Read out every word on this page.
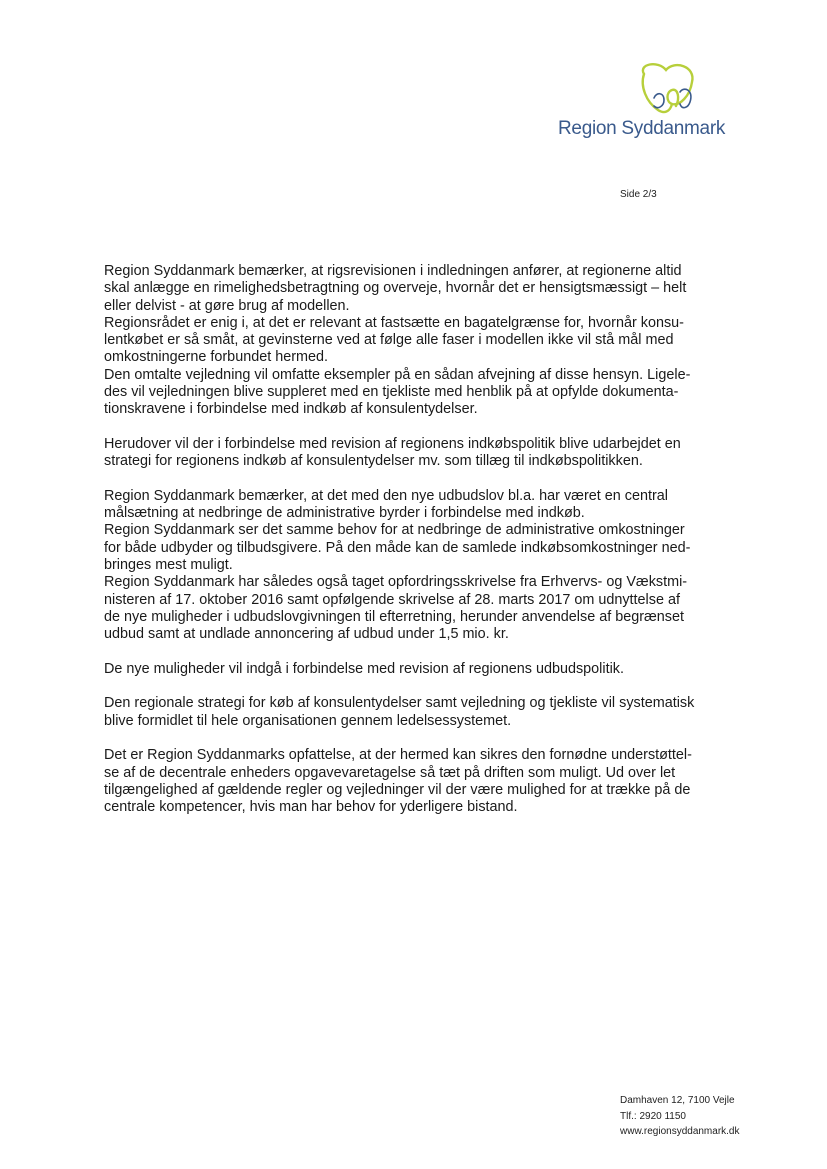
Region Syddanmark
Side 2/3
Region Syddanmark bemærker, at rigsrevisionen i indledningen anfører, at regionerne altid
skal anlægge en rimelighedsbetragtning og overveje, hvornår det er hensigtsmæssigt – helt
eller delvist - at gøre brug af modellen.
Regionsrådet er enig i, at det er relevant at fastsætte en bagatelgrænse for, hvornår konsu-
lentkøbet er så småt, at gevinsterne ved at følge alle faser i modellen ikke vil stå mål med
omkostningerne forbundet hermed.
Den omtalte vejledning vil omfatte eksempler på en sådan afvejning af disse hensyn. Ligele-
des vil vejledningen blive suppleret med en tjekliste med henblik på at opfylde dokumenta-
tionskravene i forbindelse med indkøb af konsulentydelser.
Herudover vil der i forbindelse med revision af regionens indkøbspolitik blive udarbejdet en
strategi for regionens indkøb af konsulentydelser mv. som tillæg til indkøbspolitikken.
Region Syddanmark bemærker, at det med den nye udbudslov bl.a. har været en central
målsætning at nedbringe de administrative byrder i forbindelse med indkøb.
Region Syddanmark ser det samme behov for at nedbringe de administrative omkostninger
for både udbyder og tilbudsgivere. På den måde kan de samlede indkøbsomkostninger ned-
bringes mest muligt.
Region Syddanmark har således også taget opfordringsskrivelse fra Erhvervs- og Vækstmi-
nisteren af 17. oktober 2016 samt opfølgende skrivelse af 28. marts 2017 om udnyttelse af
de nye muligheder i udbudslovgivningen til efterretning, herunder anvendelse af begrænset
udbud samt at undlade annoncering af udbud under 1,5 mio. kr.
De nye muligheder vil indgå i forbindelse med revision af regionens udbudspolitik.
Den regionale strategi for køb af konsulentydelser samt vejledning og tjekliste vil systematisk
blive formidlet til hele organisationen gennem ledelsessystemet.
Det er Region Syddanmarks opfattelse, at der hermed kan sikres den fornødne understøttel-
se af de decentrale enheders opgavevaretagelse så tæt på driften som muligt. Ud over let
tilgængelighed af gældende regler og vejledninger vil der være mulighed for at trække på de
centrale kompetencer, hvis man har behov for yderligere bistand.
Damhaven 12, 7100 Vejle
Tlf.: 2920 1150
www.regionsyddanmark.dk
